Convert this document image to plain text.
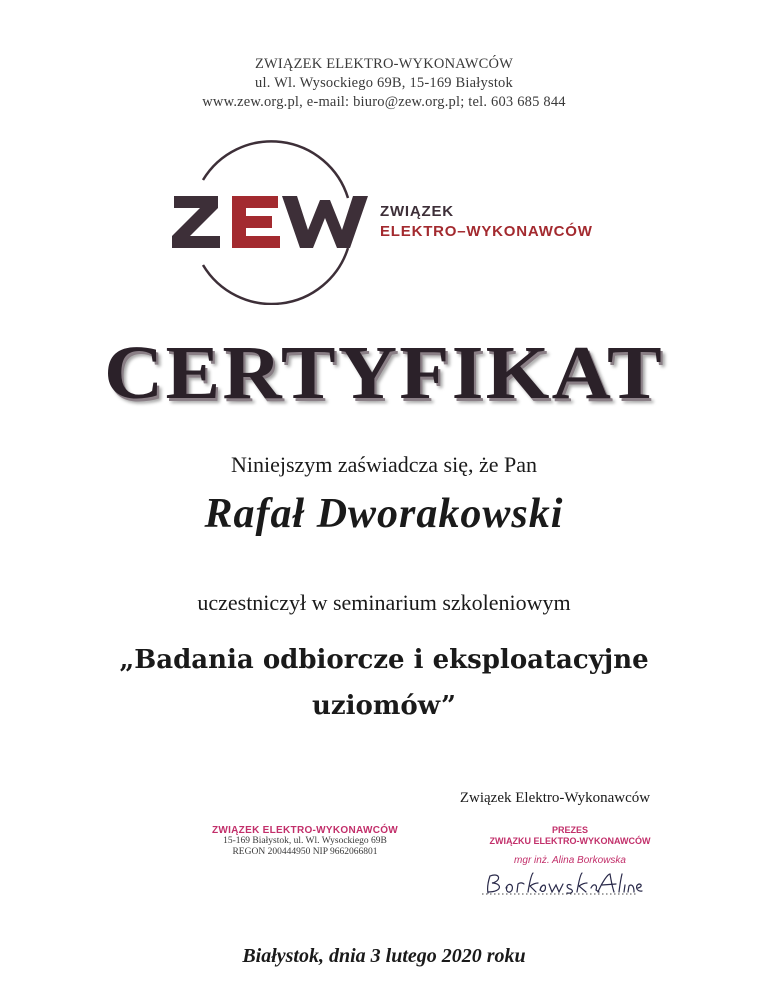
ZWIĄZEK ELEKTRO-WYKONAWCÓW
ul. Wl. Wysockiego 69B, 15-169 Białystok
www.zew.org.pl, e-mail: biuro@zew.org.pl; tel. 603 685 844
ZWIĄZEK
ELEKTRO–WYKONAWCÓW
CERTYFIKAT
Niniejszym zaświadcza się, że Pan
Rafał Dworakowski
uczestniczył w seminarium szkoleniowym
„Badania odbiorcze i eksploatacyjne
uziomów”
Związek Elektro-Wykonawców
ZWIĄZEK ELEKTRO-WYKONAWCÓW
15-169 Białystok, ul. Wl. Wysockiego 69B
REGON 200444950 NIP 9662066801
PREZES
ZWIĄZKU ELEKTRO-WYKONAWCÓW
mgr inż. Alina Borkowska
Białystok, dnia 3 lutego 2020 roku
